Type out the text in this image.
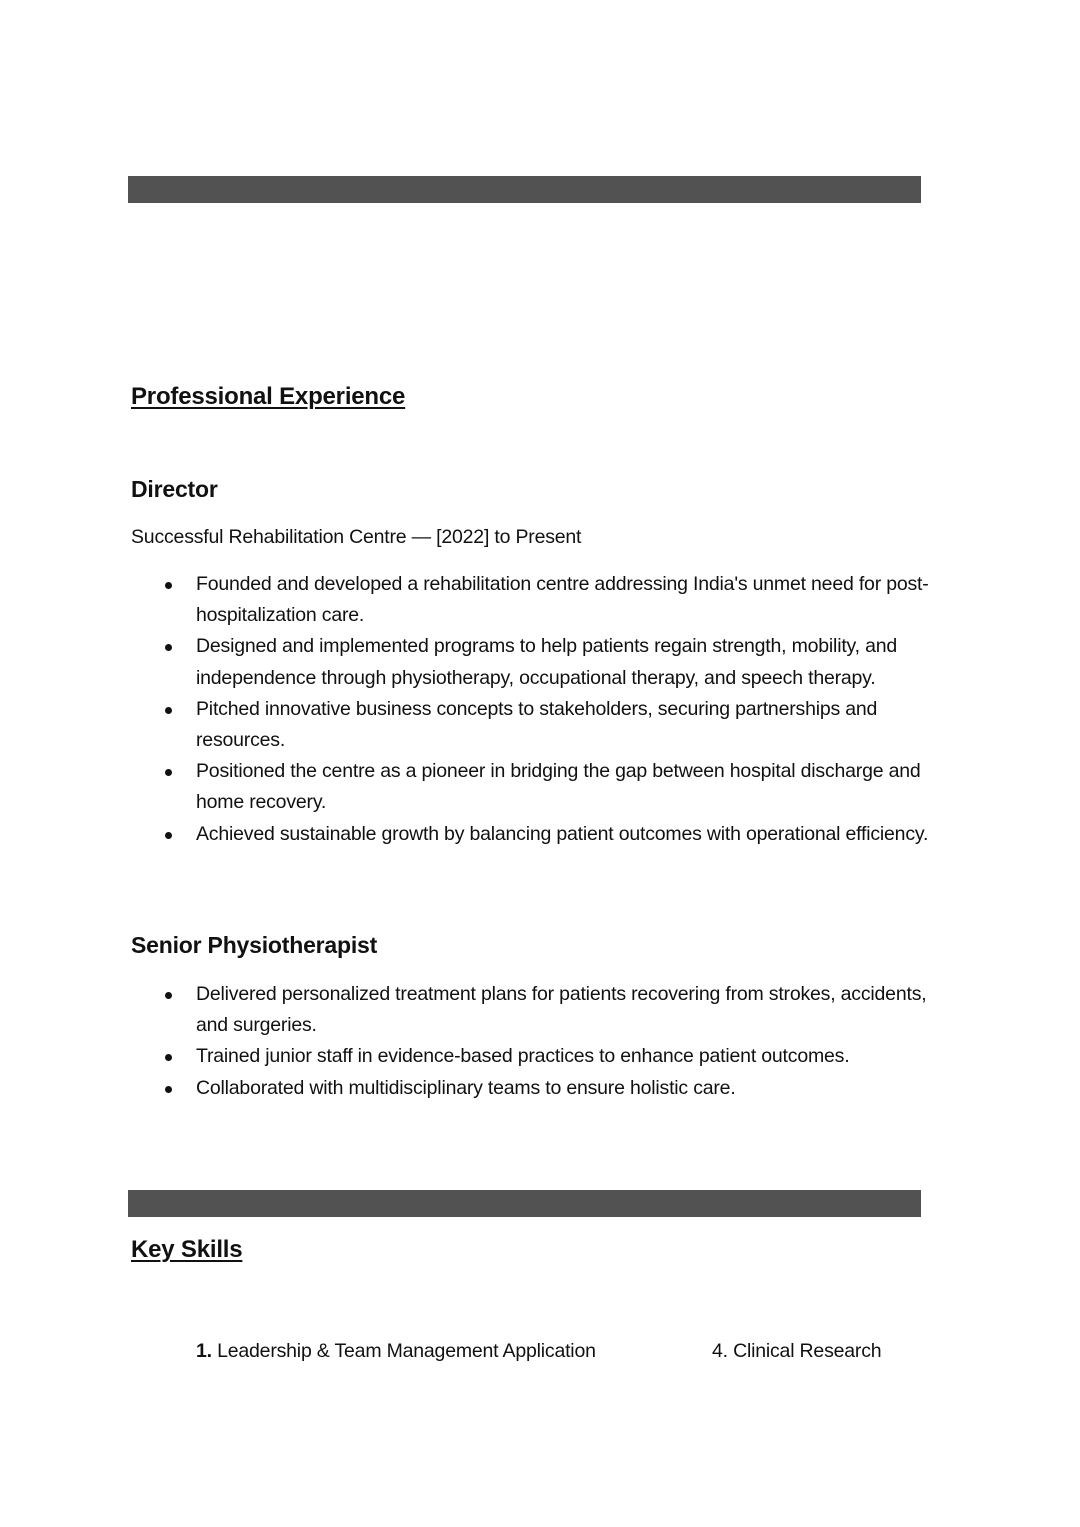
Professional Experience
Director
Successful Rehabilitation Centre — [2022] to Present
Founded and developed a rehabilitation centre addressing India's unmet need for post-hospitalization care.
Designed and implemented programs to help patients regain strength, mobility, and independence through physiotherapy, occupational therapy, and speech therapy.
Pitched innovative business concepts to stakeholders, securing partnerships and resources.
Positioned the centre as a pioneer in bridging the gap between hospital discharge and home recovery.
Achieved sustainable growth by balancing patient outcomes with operational efficiency.
Senior Physiotherapist
Delivered personalized treatment plans for patients recovering from strokes, accidents, and surgeries.
Trained junior staff in evidence-based practices to enhance patient outcomes.
Collaborated with multidisciplinary teams to ensure holistic care.
Key Skills
1. Leadership & Team Management Application	4. Clinical Research
